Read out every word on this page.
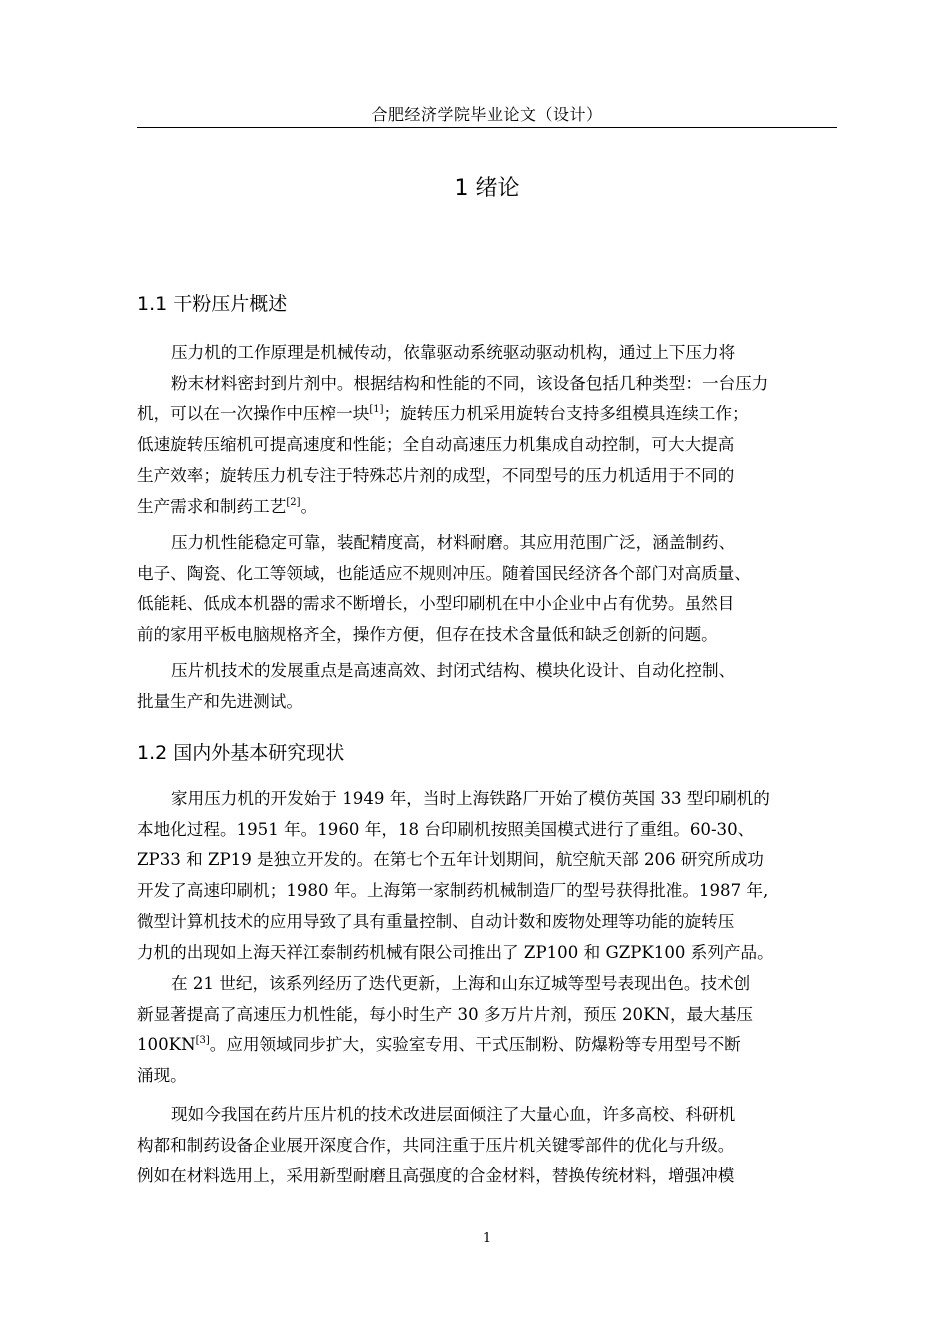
合肥经济学院毕业论文（设计）
1 绪论
1.1 干粉压片概述

压力机的工作原理是机械传动，依靠驱动系统驱动驱动机构，通过上下压力将
粉末材料密封到片剂中。根据结构和性能的不同，该设备包括几种类型：一台压力
机，可以在一次操作中压榨一块[1]；旋转压力机采用旋转台支持多组模具连续工作；
低速旋转压缩机可提高速度和性能；全自动高速压力机集成自动控制，可大大提高
生产效率；旋转压力机专注于特殊芯片剂的成型，不同型号的压力机适用于不同的
生产需求和制药工艺[2]。

压力机性能稳定可靠，装配精度高，材料耐磨。其应用范围广泛，涵盖制药、
电子、陶瓷、化工等领域，也能适应不规则冲压。随着国民经济各个部门对高质量、
低能耗、低成本机器的需求不断增长，小型印刷机在中小企业中占有优势。虽然目
前的家用平板电脑规格齐全，操作方便，但存在技术含量低和缺乏创新的问题。

压片机技术的发展重点是高速高效、封闭式结构、模块化设计、自动化控制、
批量生产和先进测试。

1.2 国内外基本研究现状

家用压力机的开发始于 1949 年，当时上海铁路厂开始了模仿英国 33 型印刷机的
本地化过程。1951 年。1960 年，18 台印刷机按照美国模式进行了重组。60-30、
ZP33 和 ZP19 是独立开发的。在第七个五年计划期间，航空航天部 206 研究所成功
开发了高速印刷机；1980 年。上海第一家制药机械制造厂的型号获得批准。1987 年,
微型计算机技术的应用导致了具有重量控制、自动计数和废物处理等功能的旋转压
力机的出现如上海天祥江泰制药机械有限公司推出了 ZP100 和 GZPK100 系列产品。

在 21 世纪，该系列经历了迭代更新，上海和山东辽城等型号表现出色。技术创
新显著提高了高速压力机性能，每小时生产 30 多万片片剂，预压 20KN，最大基压
100KN[3]。应用领域同步扩大，实验室专用、干式压制粉、防爆粉等专用型号不断
涌现。

现如今我国在药片压片机的技术改进层面倾注了大量心血，许多高校、科研机
构都和制药设备企业展开深度合作，共同注重于压片机关键零部件的优化与升级。
例如在材料选用上，采用新型耐磨且高强度的合金材料，替换传统材料，增强冲模

1
